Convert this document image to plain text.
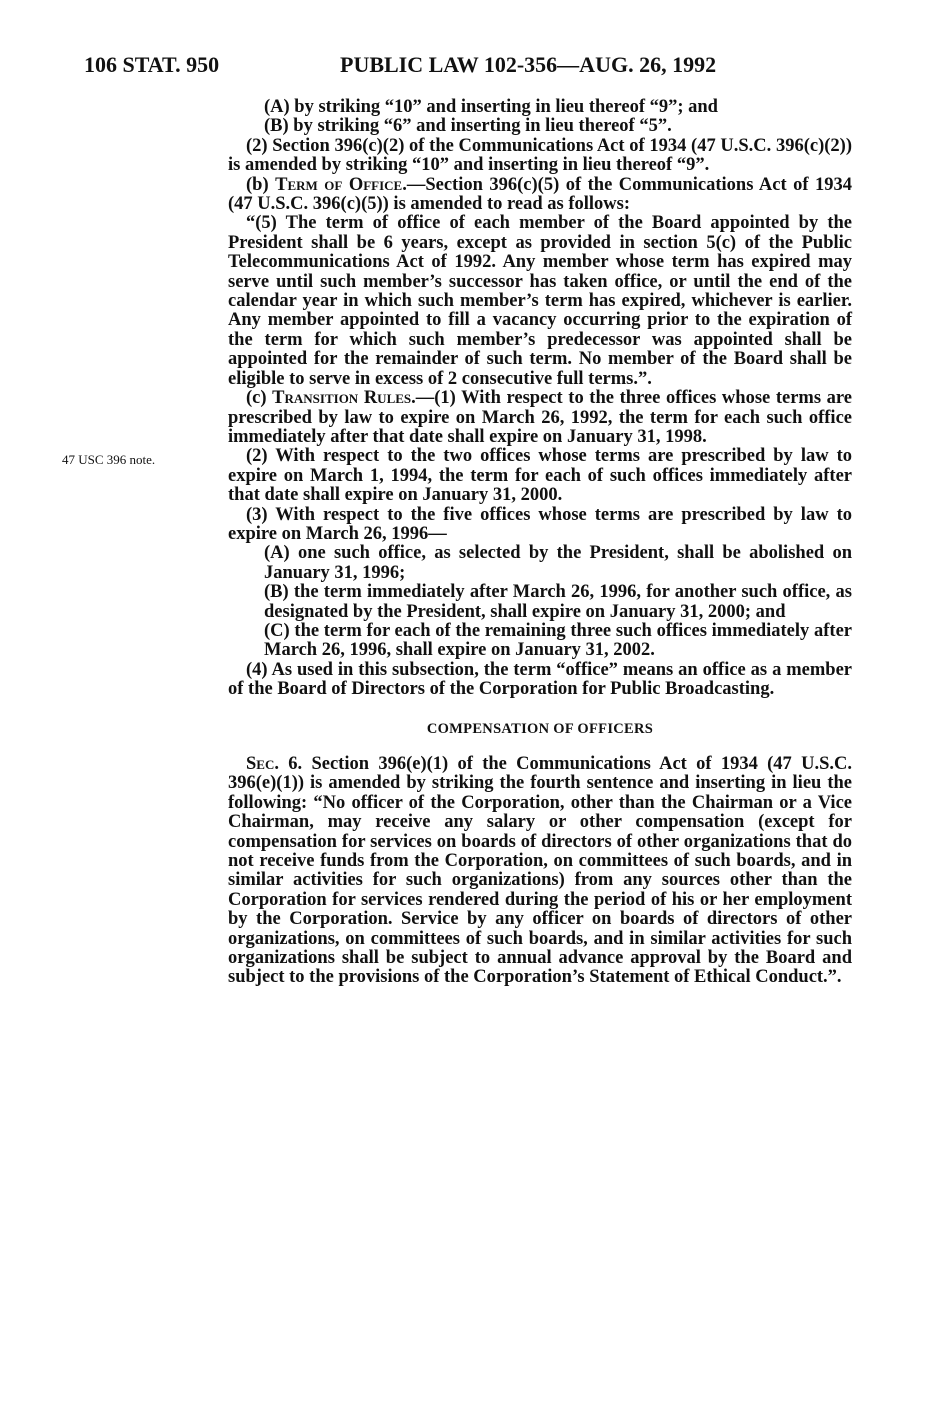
106 STAT. 950	PUBLIC LAW 102-356—AUG. 26, 1992
47 USC 396 note.

(A) by striking “10” and inserting in lieu thereof “9”; and

(B) by striking “6” and inserting in lieu thereof “5”.

(2) Section 396(c)(2) of the Communications Act of 1934 (47 U.S.C. 396(c)(2)) is amended by striking “10” and inserting in lieu thereof “9”.

(b) Term of Office.—Section 396(c)(5) of the Communications Act of 1934 (47 U.S.C. 396(c)(5)) is amended to read as follows:

“(5) The term of office of each member of the Board appointed by the President shall be 6 years, except as provided in section 5(c) of the Public Telecommunications Act of 1992. Any member whose term has expired may serve until such member’s successor has taken office, or until the end of the calendar year in which such member’s term has expired, whichever is earlier. Any member appointed to fill a vacancy occurring prior to the expiration of the term for which such member’s predecessor was appointed shall be appointed for the remainder of such term. No member of the Board shall be eligible to serve in excess of 2 consecutive full terms.”.

(c) Transition Rules.—(1) With respect to the three offices whose terms are prescribed by law to expire on March 26, 1992, the term for each such office immediately after that date shall expire on January 31, 1998.

(2) With respect to the two offices whose terms are prescribed by law to expire on March 1, 1994, the term for each of such offices immediately after that date shall expire on January 31, 2000.

(3) With respect to the five offices whose terms are prescribed by law to expire on March 26, 1996—

(A) one such office, as selected by the President, shall be abolished on January 31, 1996;

(B) the term immediately after March 26, 1996, for another such office, as designated by the President, shall expire on January 31, 2000; and

(C) the term for each of the remaining three such offices immediately after March 26, 1996, shall expire on January 31, 2002.

(4) As used in this subsection, the term “office” means an office as a member of the Board of Directors of the Corporation for Public Broadcasting.

COMPENSATION OF OFFICERS

Sec. 6. Section 396(e)(1) of the Communications Act of 1934 (47 U.S.C. 396(e)(1)) is amended by striking the fourth sentence and inserting in lieu the following: “No officer of the Corporation, other than the Chairman or a Vice Chairman, may receive any salary or other compensation (except for compensation for services on boards of directors of other organizations that do not receive funds from the Corporation, on committees of such boards, and in similar activities for such organizations) from any sources other than the Corporation for services rendered during the period of his or her employment by the Corporation. Service by any officer on boards of directors of other organizations, on committees of such boards, and in similar activities for such organizations shall be subject to annual advance approval by the Board and subject to the provisions of the Corporation’s Statement of Ethical Conduct.”.
